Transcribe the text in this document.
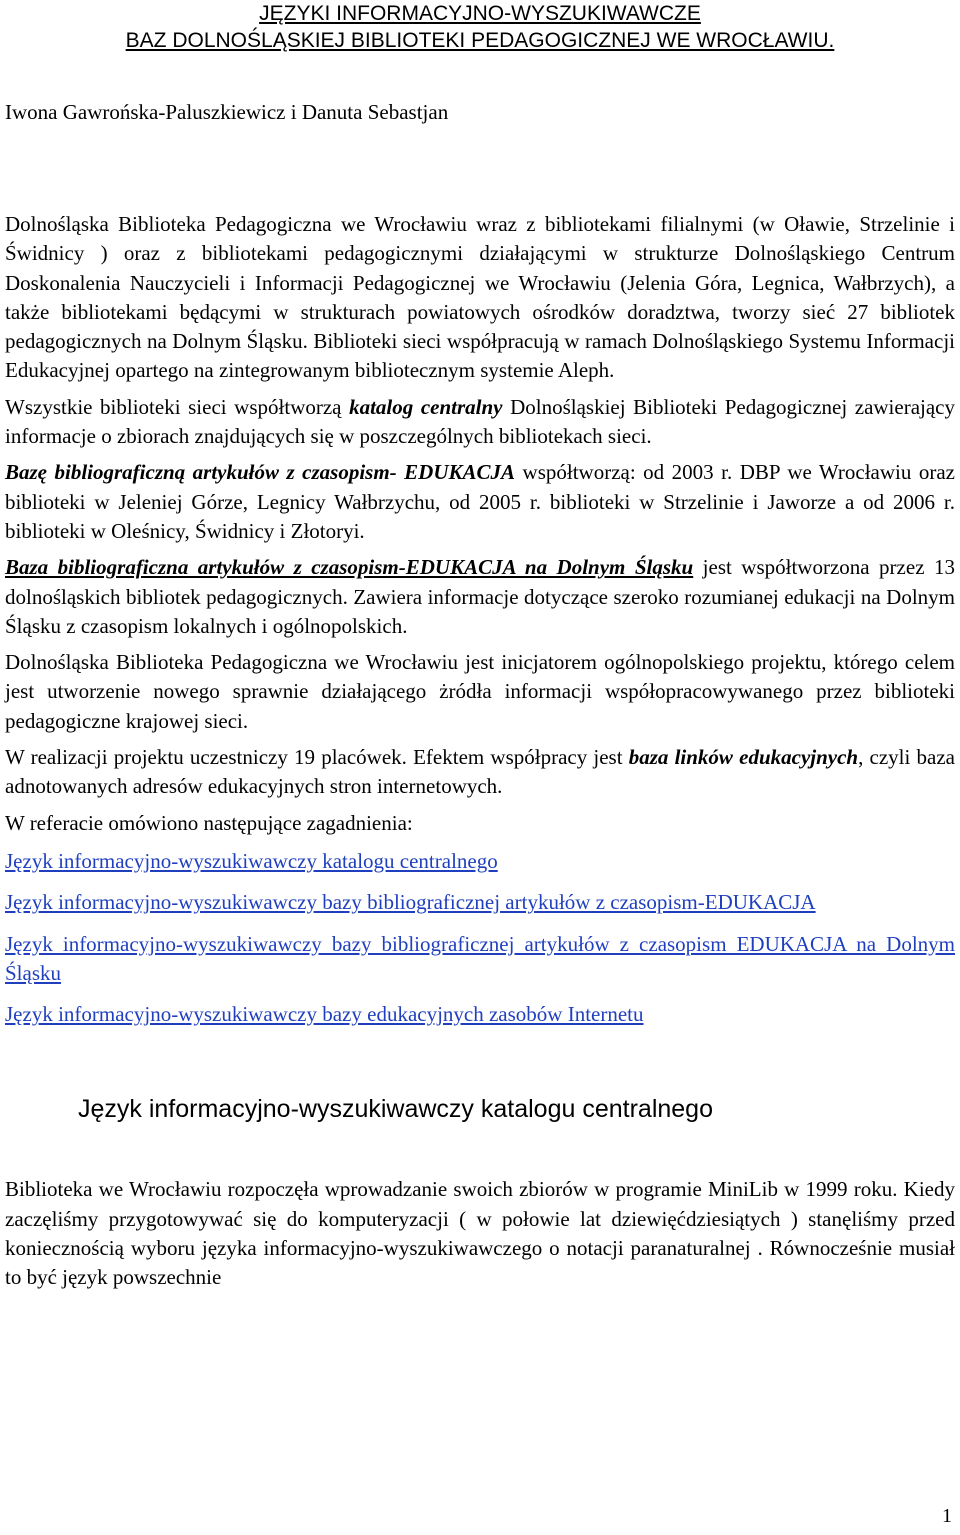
JĘZYKI INFORMACYJNO-WYSZUKIWAWCZE
BAZ DOLNOŚLĄSKIEJ BIBLIOTEKI PEDAGOGICZNEJ WE WROCŁAWIU.
Iwona Gawrońska-Paluszkiewicz i Danuta Sebastjan

Dolnośląska Biblioteka Pedagogiczna we Wrocławiu wraz z bibliotekami filialnymi (w Oławie, Strzelinie i Świdnicy ) oraz z bibliotekami pedagogicznymi działającymi w strukturze Dolnośląskiego Centrum Doskonalenia Nauczycieli i Informacji Pedagogicznej we Wrocławiu (Jelenia Góra, Legnica, Wałbrzych), a także bibliotekami będącymi w strukturach powiatowych ośrodków doradztwa, tworzy sieć 27 bibliotek pedagogicznych na Dolnym Śląsku. Biblioteki sieci współpracują w ramach Dolnośląskiego Systemu Informacji Edukacyjnej opartego na zintegrowanym bibliotecznym systemie Aleph.

Wszystkie biblioteki sieci współtworzą katalog centralny Dolnośląskiej Biblioteki Pedagogicznej zawierający informacje o zbiorach znajdujących się w poszczególnych bibliotekach sieci.

Bazę bibliograficzną artykułów z czasopism- EDUKACJA współtworzą: od 2003 r. DBP we Wrocławiu oraz biblioteki w Jeleniej Górze, Legnicy Wałbrzychu, od 2005 r. biblioteki w Strzelinie i Jaworze a od 2006 r. biblioteki w Oleśnicy, Świdnicy i Złotoryi.

Baza bibliograficzna artykułów z czasopism-EDUKACJA na Dolnym Śląsku jest współtworzona przez 13 dolnośląskich bibliotek pedagogicznych. Zawiera informacje dotyczące szeroko rozumianej edukacji na Dolnym Śląsku z czasopism lokalnych i ogólnopolskich.

Dolnośląska Biblioteka Pedagogiczna we Wrocławiu jest inicjatorem ogólnopolskiego projektu, którego celem jest utworzenie nowego sprawnie działającego żródła informacji współopracowywanego przez biblioteki pedagogiczne krajowej sieci.

W realizacji projektu uczestniczy 19 placówek. Efektem współpracy jest baza linków edukacyjnych, czyli baza adnotowanych adresów edukacyjnych stron internetowych.

W referacie omówiono następujące zagadnienia:

Język informacyjno-wyszukiwawczy katalogu centralnego
Język informacyjno-wyszukiwawczy bazy bibliograficznej artykułów z czasopism-EDUKACJA
Język informacyjno-wyszukiwawczy bazy bibliograficznej artykułów z czasopism EDUKACJA na Dolnym Śląsku
Język informacyjno-wyszukiwawczy bazy edukacyjnych zasobów Internetu
Język informacyjno-wyszukiwawczy katalogu centralnego

Biblioteka we Wrocławiu rozpoczęła wprowadzanie swoich zbiorów w programie MiniLib w 1999 roku. Kiedy zaczęliśmy przygotowywać się do komputeryzacji ( w połowie lat dziewięćdziesiątych ) stanęliśmy przed koniecznością wyboru języka informacyjno-wyszukiwawczego o notacji paranaturalnej . Równocześnie musiał to być język powszechnie

1
